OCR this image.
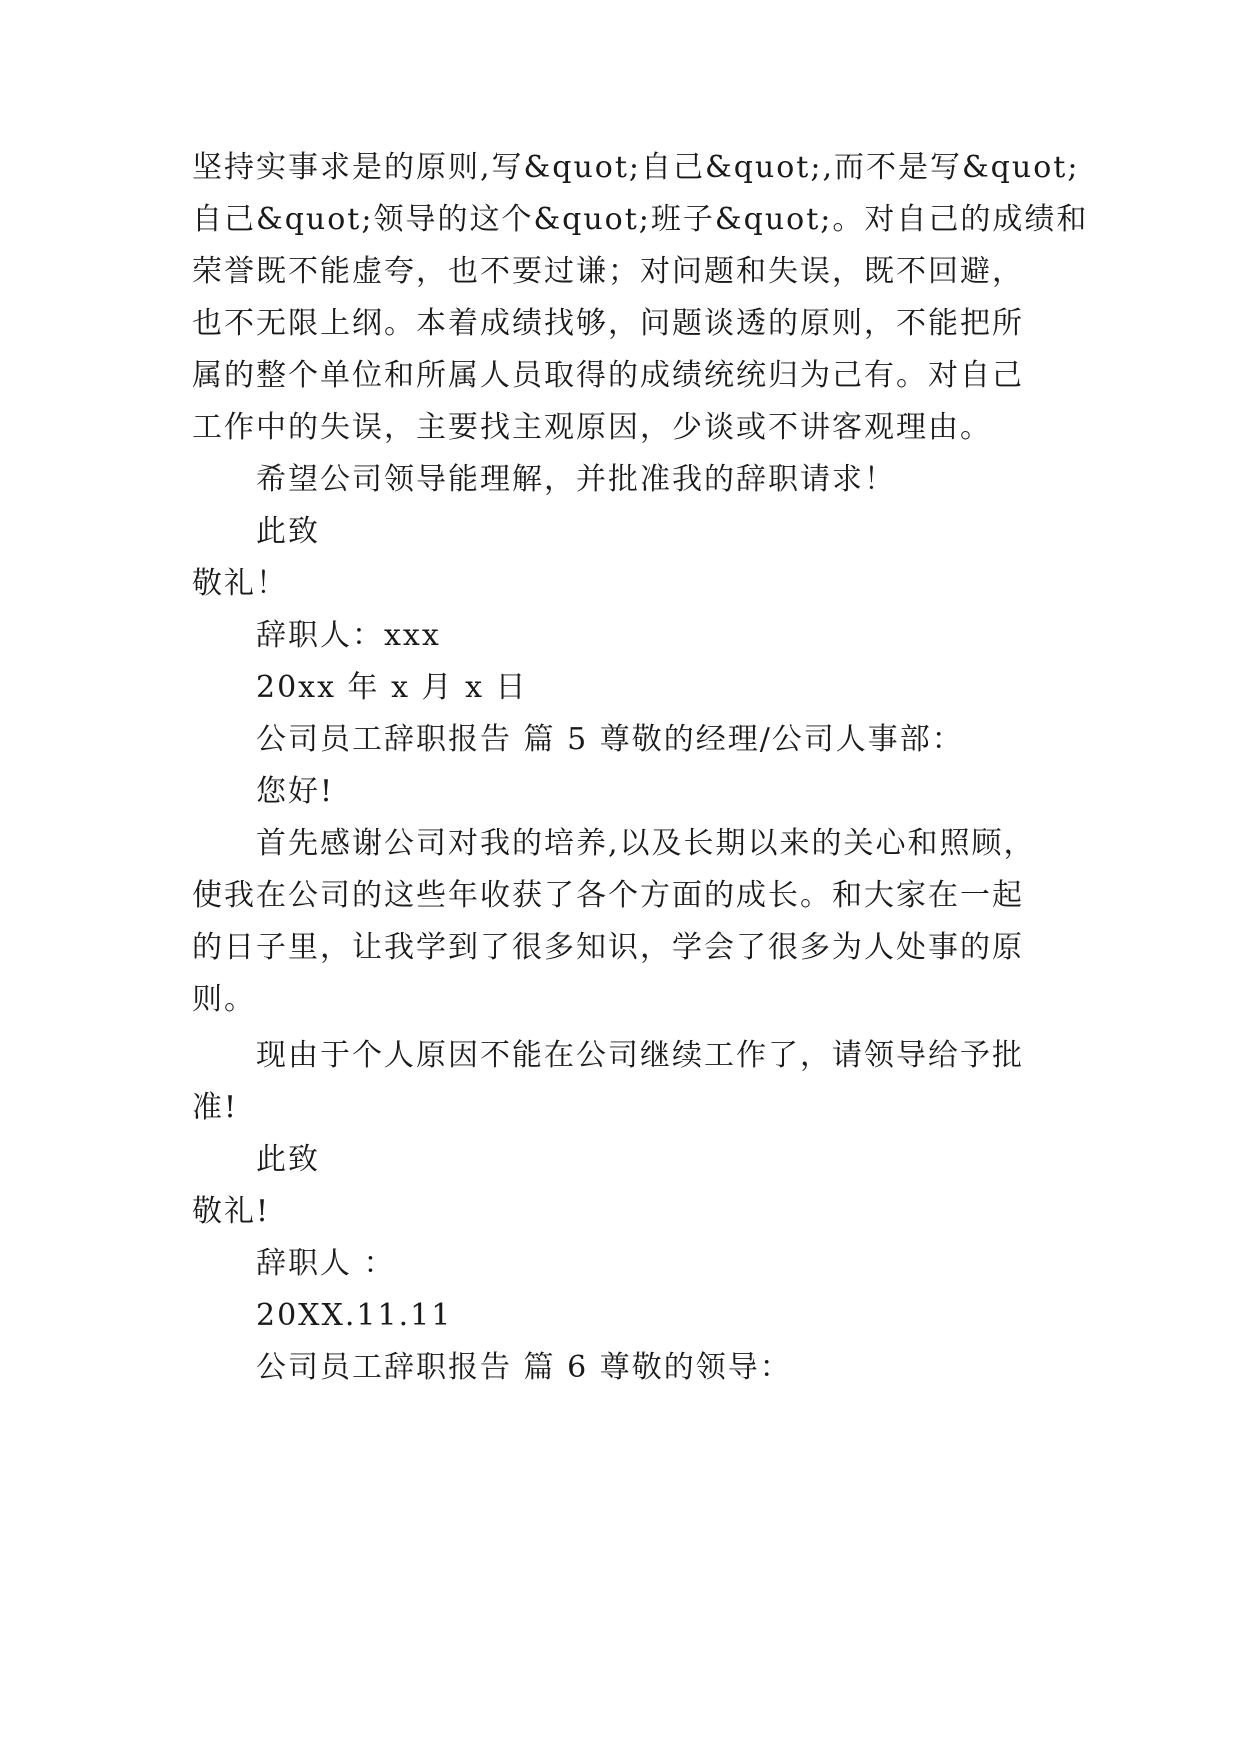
坚持实事求是的原则,写&quot;自己&quot;,而不是写&quot;
自己&quot;领导的这个&quot;班子&quot;。对自己的成绩和
荣誉既不能虚夸，也不要过谦；对问题和失误，既不回避，
也不无限上纲。本着成绩找够，问题谈透的原则，不能把所
属的整个单位和所属人员取得的成绩统统归为己有。对自己
工作中的失误，主要找主观原因，少谈或不讲客观理由。
希望公司领导能理解，并批准我的辞职请求！
此致
敬礼！
辞职人：xxx
20xx 年 x 月 x 日
公司员工辞职报告 篇 5 尊敬的经理/公司人事部：
您好!
首先感谢公司对我的培养,以及长期以来的关心和照顾，
使我在公司的这些年收获了各个方面的成长。和大家在一起
的日子里，让我学到了很多知识，学会了很多为人处事的原
则。
现由于个人原因不能在公司继续工作了，请领导给予批
准!
此致
敬礼!
辞职人 ：
20XX.11.11
公司员工辞职报告 篇 6 尊敬的领导：
